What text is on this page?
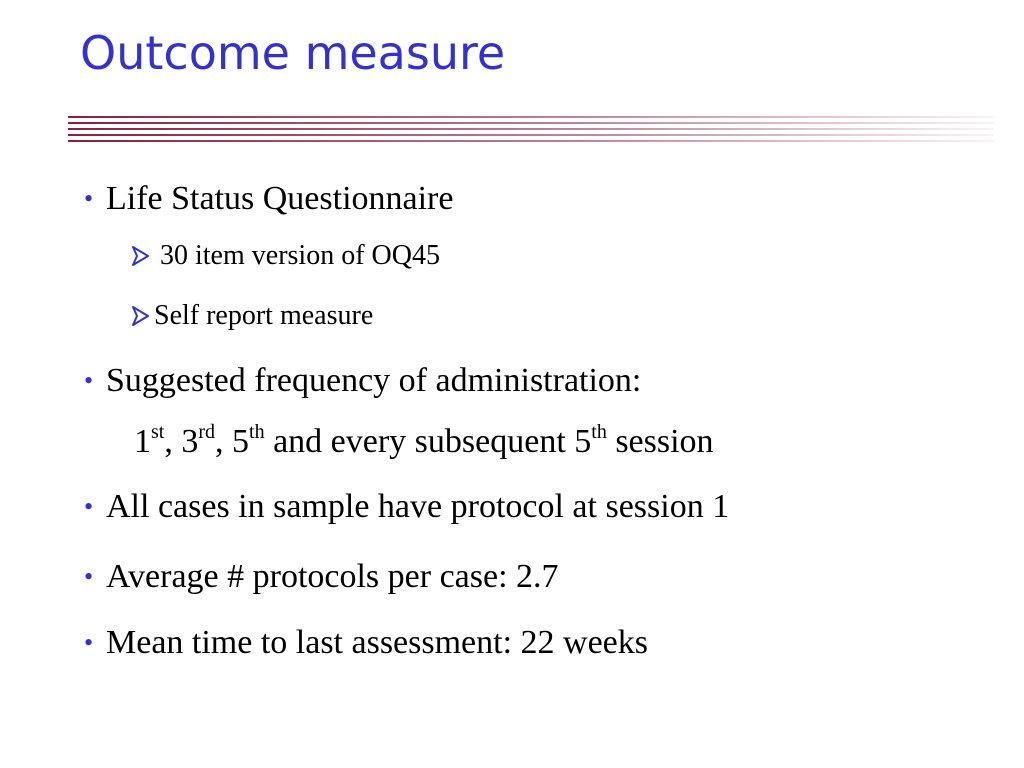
Outcome measure
• Life Status Questionnaire
30 item version of OQ45
Self report measure
• Suggested frequency of administration:
1st, 3rd, 5th and every subsequent 5th session
• All cases in sample have protocol at session 1
• Average # protocols per case: 2.7
• Mean time to last assessment: 22 weeks
